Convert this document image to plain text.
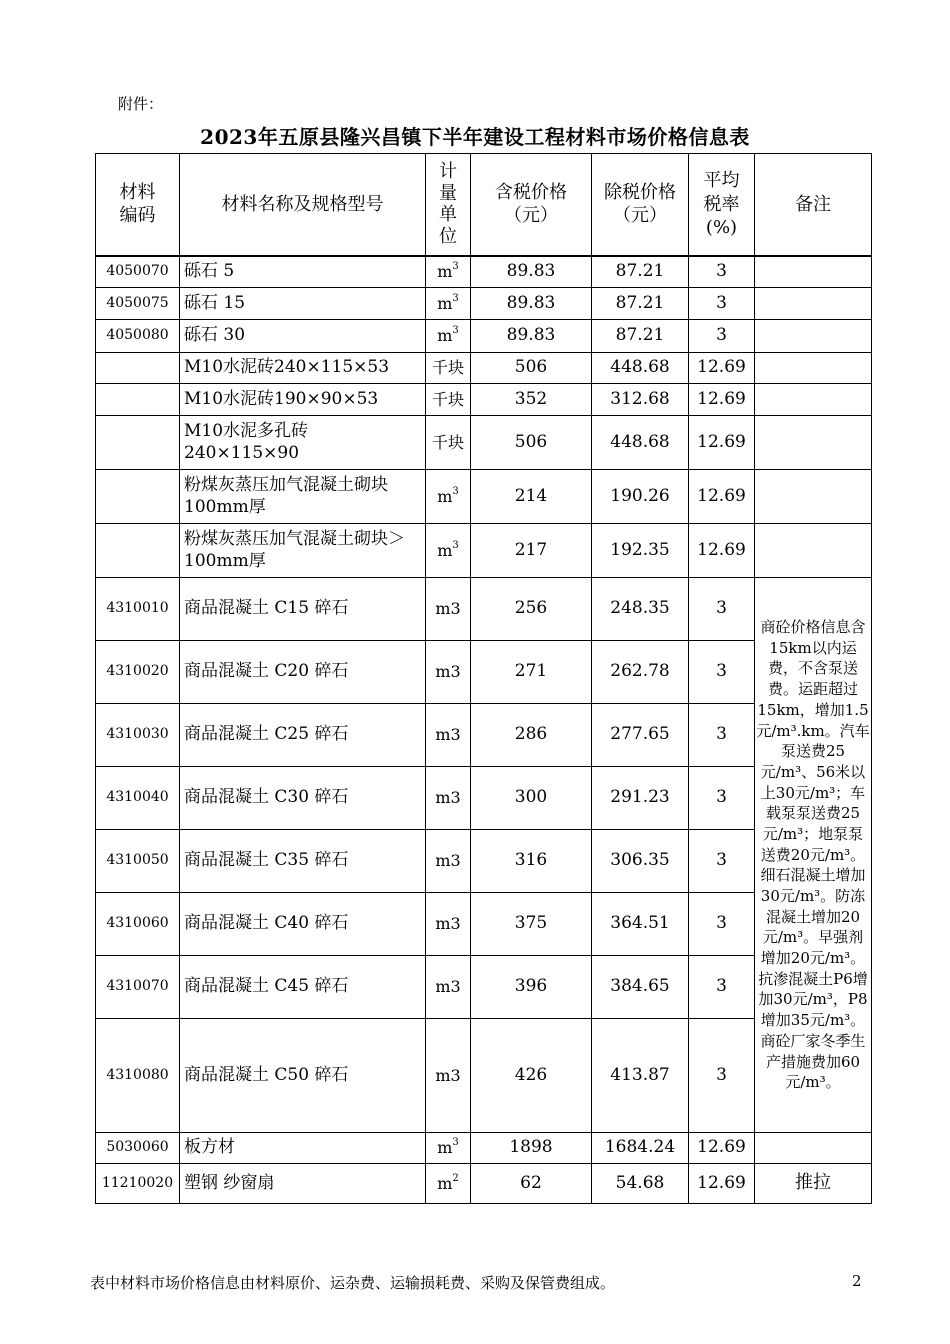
附件：
2023年五原县隆兴昌镇下半年建设工程材料市场价格信息表
材料
编码	材料名称及规格型号	计
量
单
位	含税价格
（元）	除税价格
（元）	平均
税率
(%)	备注
4050070	砾石 5	$m^3$	89.83	87.21	3	
4050075	砾石 15	$m^3$	89.83	87.21	3	
4050080	砾石 30	$m^3$	89.83	87.21	3	
	M10水泥砖240×115×53	千块	506	448.68	12.69	
	M10水泥砖190×90×53	千块	352	312.68	12.69	
	M10水泥多孔砖240×115×90	千块	506	448.68	12.69	
	粉煤灰蒸压加气混凝土砌块100mm厚	$m^3$	214	190.26	12.69	
	粉煤灰蒸压加气混凝土砌块＞100mm厚	$m^3$	217	192.35	12.69	
4310010	商品混凝土 C15 碎石	m3	256	248.35	3	商砼价格信息含15km以内运费，不含泵送费。运距超过15km，增加1.5元/m³.km。汽车泵送费25元/m³、56米以上30元/m³；车载泵泵送费25元/m³；地泵泵送费20元/m³。细石混凝土增加30元/m³。防冻混凝土增加20元/m³。早强剂增加20元/m³。 抗渗混凝土P6增加30元/m³，P8增加35元/m³。商砼厂家冬季生产措施费加60元/m³。
4310020	商品混凝土 C20 碎石	m3	271	262.78	3	
4310030	商品混凝土 C25 碎石	m3	286	277.65	3	
4310040	商品混凝土 C30 碎石	m3	300	291.23	3	
4310050	商品混凝土 C35 碎石	m3	316	306.35	3	
4310060	商品混凝土 C40 碎石	m3	375	364.51	3	
4310070	商品混凝土 C45 碎石	m3	396	384.65	3	
4310080	商品混凝土 C50 碎石	m3	426	413.87	3	
5030060	板方材	$m^3$	1898	1684.24	12.69	
11210020	塑钢 纱窗扇	$m^2$	62	54.68	12.69	推拉
表中材料市场价格信息由材料原价、运杂费、运输损耗费、采购及保管费组成。	2
